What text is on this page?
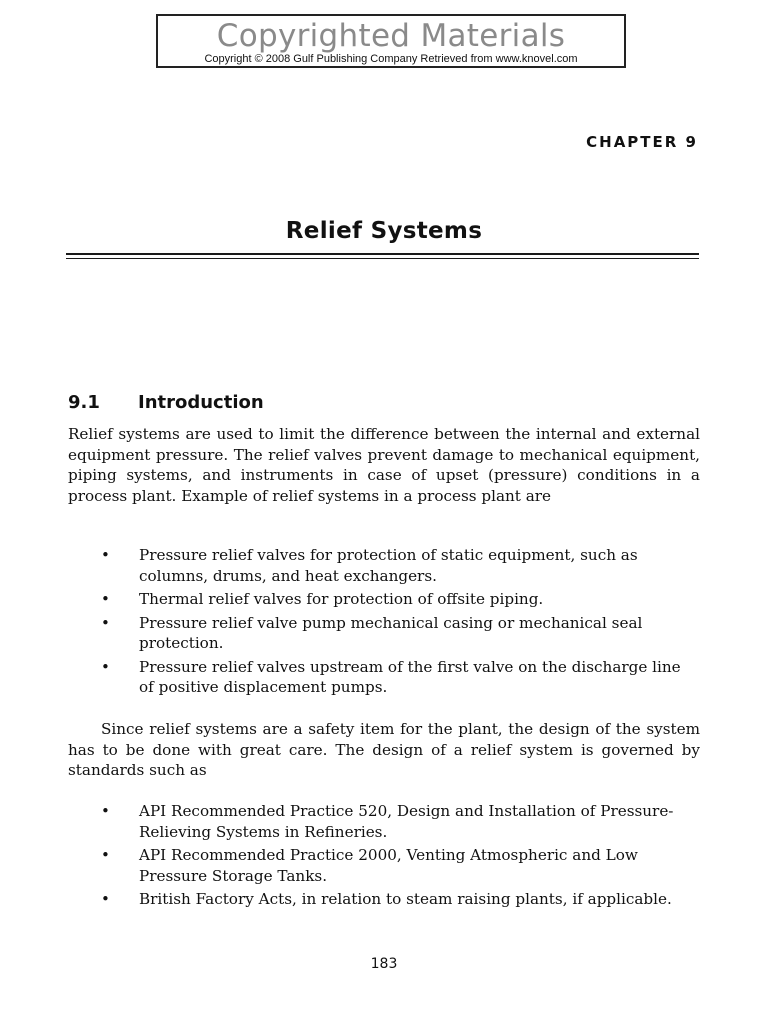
Copyrighted Materials
Copyright © 2008 Gulf Publishing Company Retrieved from www.knovel.com
CHAPTER 9
Relief Systems
9.1 Introduction
Relief systems are used to limit the difference between the internal and external equipment pressure. The relief valves prevent damage to mechanical equipment, piping systems, and instruments in case of upset (pressure) conditions in a process plant. Example of relief systems in a process plant are
• Pressure relief valves for protection of static equipment, such as columns, drums, and heat exchangers.
• Thermal relief valves for protection of offsite piping.
• Pressure relief valve pump mechanical casing or mechanical seal protection.
• Pressure relief valves upstream of the first valve on the discharge line of positive displacement pumps.
Since relief systems are a safety item for the plant, the design of the system has to be done with great care. The design of a relief system is governed by standards such as
• API Recommended Practice 520, Design and Installation of Pressure-Relieving Systems in Refineries.
• API Recommended Practice 2000, Venting Atmospheric and Low Pressure Storage Tanks.
• British Factory Acts, in relation to steam raising plants, if applicable.
183
